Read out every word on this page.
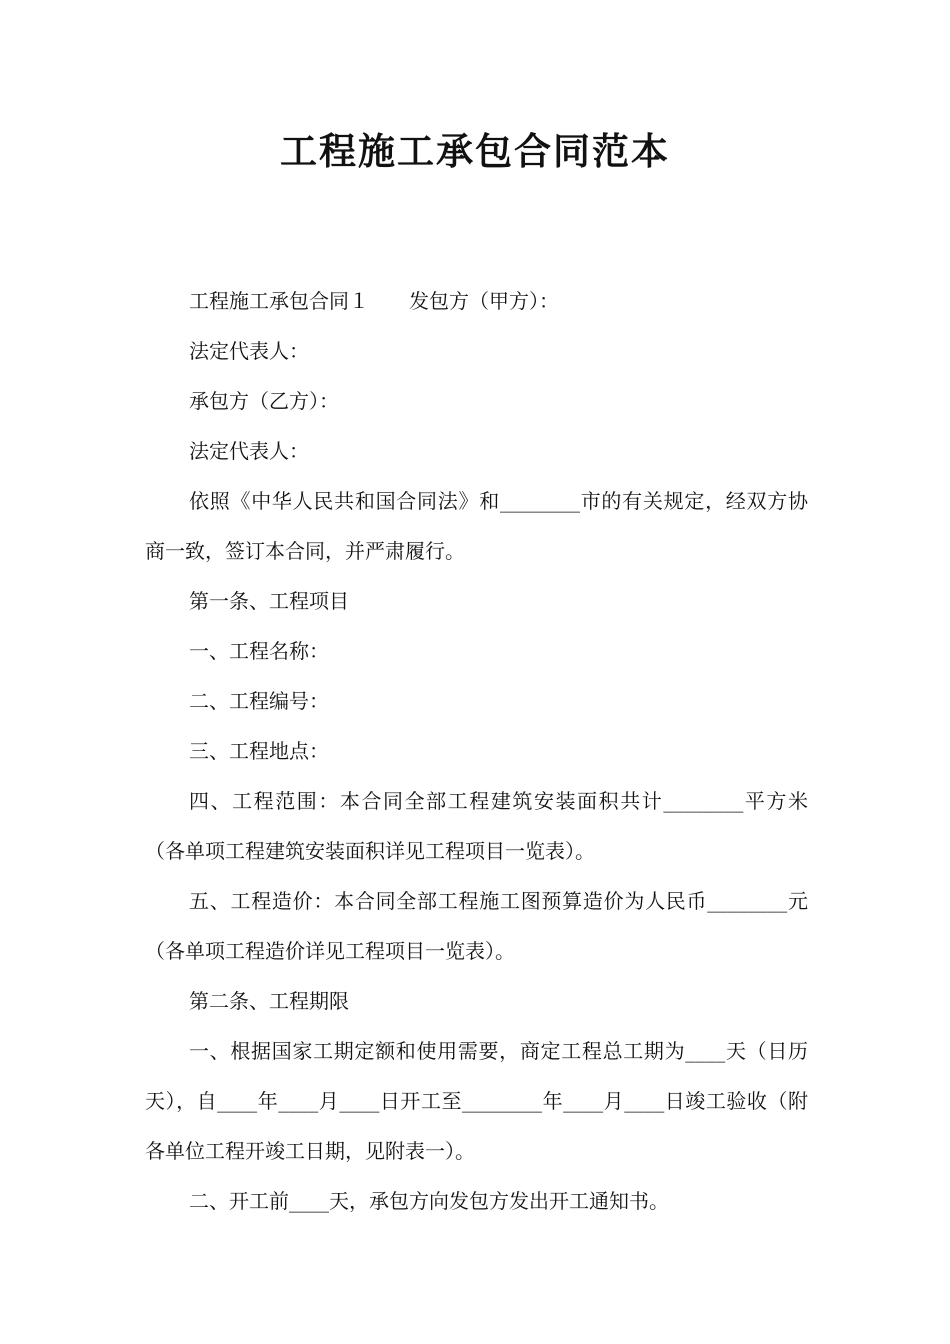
工程施工承包合同范本

工程施工承包合同１ 发包方（甲方）：

法定代表人：

承包方（乙方）：

法定代表人：

依照《中华人民共和国合同法》和________市的有关规定，经双方协商一致，签订本合同，并严肃履行。

第一条、工程项目

一、工程名称：

二、工程编号：

三、工程地点：

四、工程范围：本合同全部工程建筑安装面积共计________平方米（各单项工程建筑安装面积详见工程项目一览表）。

五、工程造价：本合同全部工程施工图预算造价为人民币________元（各单项工程造价详见工程项目一览表）。

第二条、工程期限

一、根据国家工期定额和使用需要，商定工程总工期为____天（日历天），自____年____月____日开工至________年____月____日竣工验收（附各单位工程开竣工日期，见附表一）。

二、开工前____天，承包方向发包方发出开工通知书。
